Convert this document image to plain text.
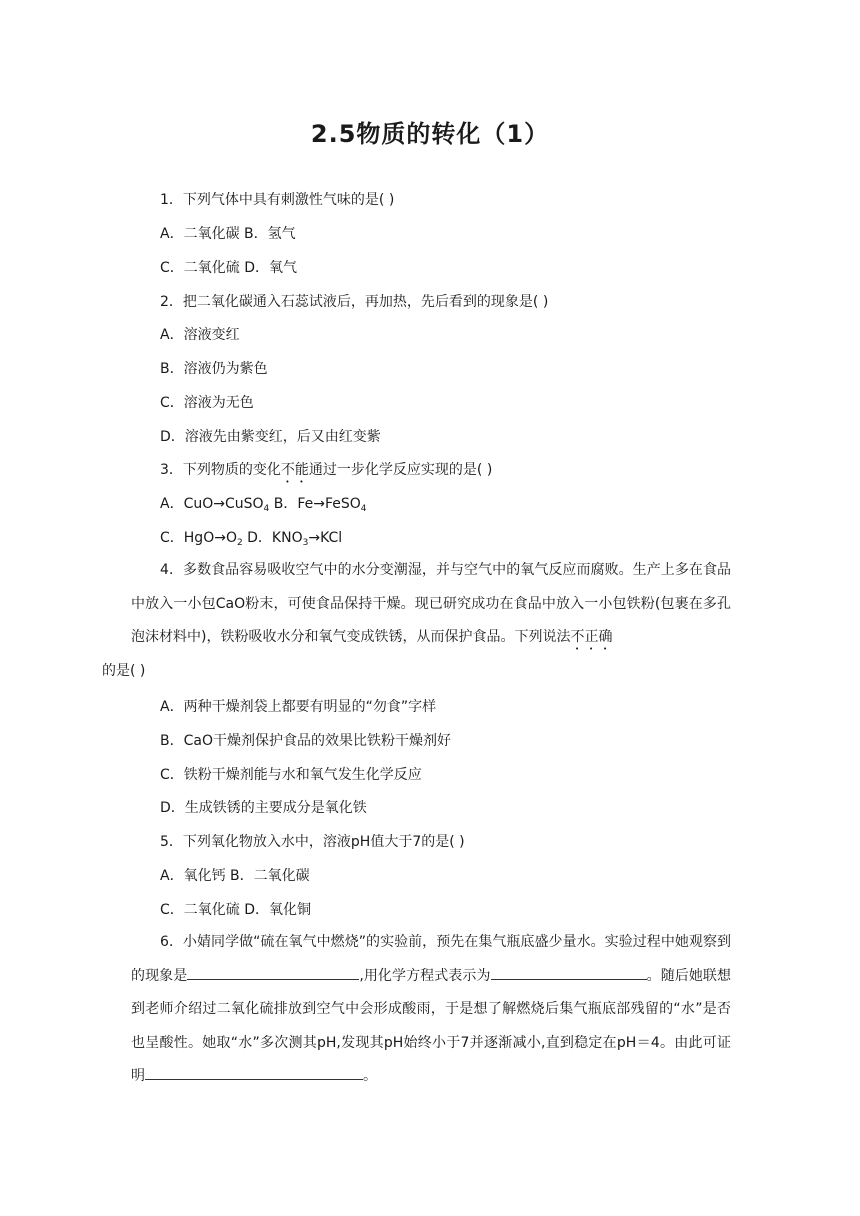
2.5物质的转化（1）
1．下列气体中具有刺激性气味的是( )
A．二氧化碳 B．氢气
C．二氧化硫 D．氧气
2．把二氧化碳通入石蕊试液后，再加热，先后看到的现象是( )
A．溶液变红
B．溶液仍为紫色
C．溶液为无色
D．溶液先由紫变红，后又由红变紫
3．下列物质的变化不能通过一步化学反应实现的是( )
A．CuO→CuSO$_4$ B．Fe→FeSO$_4$
C．$HgO\to O_2$ D．$KNO_3\to KCl$
4．多数食品容易吸收空气中的水分变潮湿，并与空气中的氧气反应而腐败。生产上多在食品中放入一小包CaO粉末，可使食品保持干燥。现已研究成功在食品中放入一小包铁粉(包裹在多孔泡沫材料中)，铁粉吸收水分和氧气变成铁锈，从而保护食品。下列说法不正确
的是( )
A．两种干燥剂袋上都要有明显的“勿食”字样
B．CaO干燥剂保护食品的效果比铁粉干燥剂好
C．铁粉干燥剂能与水和氧气发生化学反应
D．生成铁锈的主要成分是氧化铁
5．下列氧化物放入水中，溶液pH值大于7的是( )
A．氧化钙 B．二氧化碳
C．二氧化硫 D．氧化铜
6．小婧同学做“硫在氧气中燃烧”的实验前，预先在集气瓶底盛少量水。实验过程中她观察到的现象是	,用化学方程式表示为	。随后她联想到老师介绍过二氧化硫排放到空气中会形成酸雨，于是想了解燃烧后集气瓶底部残留的“水”是否也呈酸性。她取“水”多次测其pH,发现其pH始终小于7并逐渐减小,直到稳定在pH＝4。由此可证明	。
